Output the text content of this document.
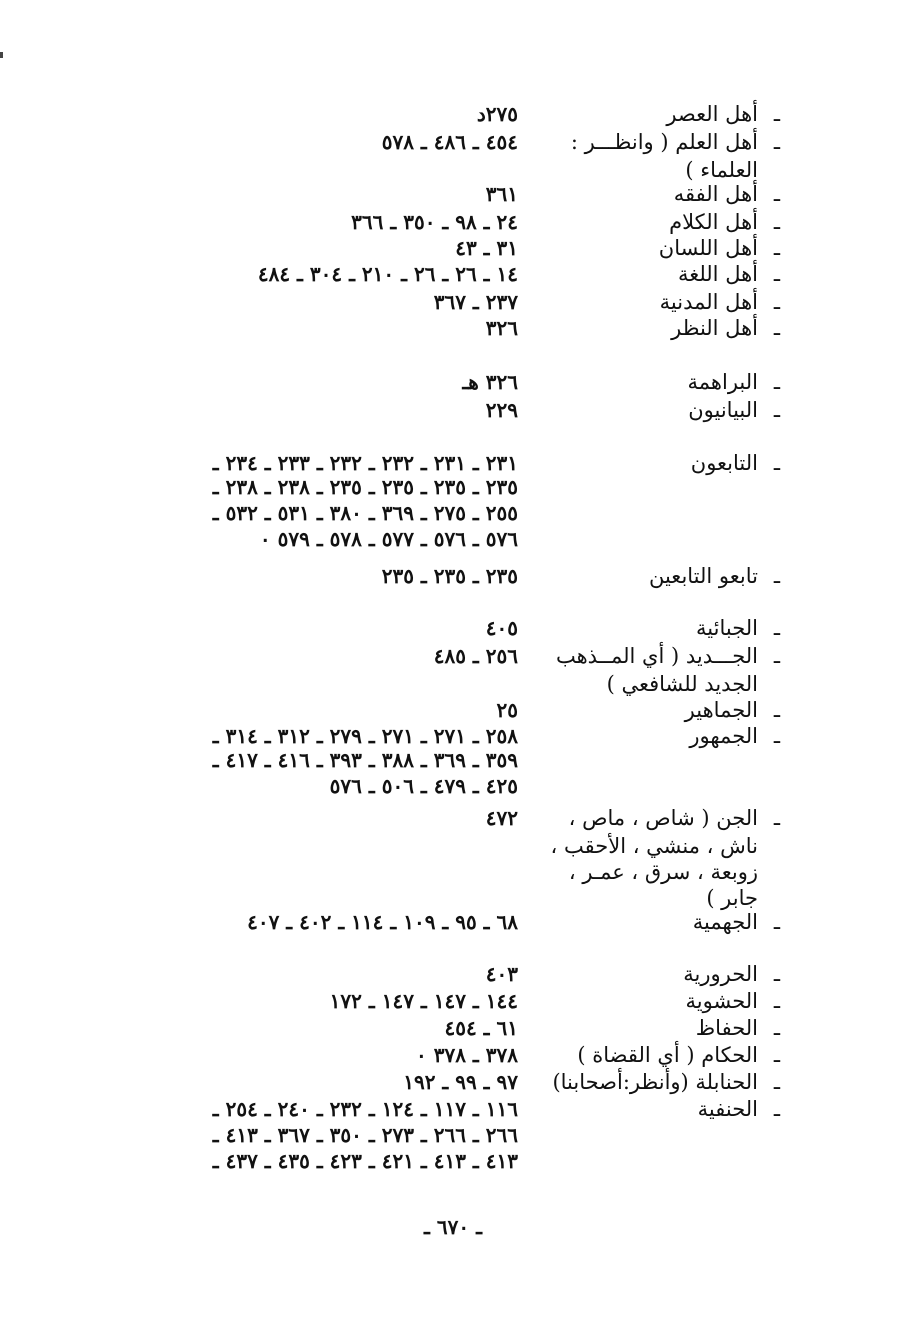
ـ
أهل العصر
٢٧٥د
ـ
أهل العلم ( وانظـــر :
٤٥٤ ـ ٤٨٦ ـ ٥٧٨
العلماء )
ـ
أهل الفقه
٣٦١
ـ
أهل الكلام
٢٤ ـ ٩٨ ـ ٣٥٠ ـ ٣٦٦
ـ
أهل اللسان
٣١ ـ ٤٣
ـ
أهل اللغة
١٤ ـ ٢٦ ـ ٢٦ ـ ٢١٠ ـ ٣٠٤ ـ ٤٨٤
ـ
أهل المدنية
٢٣٧ ـ ٣٦٧
ـ
أهل النظر
٣٢٦
ـ
البراهمة
٣٢٦ هـ
ـ
البيانيون
٢٢٩
ـ
التابعون
٢٣١ ـ ٢٣١ ـ ٢٣٢ ـ ٢٣٢ ـ ٢٣٣ ـ ٢٣٤ ـ
٢٣٥ ـ ٢٣٥ ـ ٢٣٥ ـ ٢٣٥ ـ ٢٣٨ ـ ٢٣٨ ـ
٢٥٥ ـ ٢٧٥ ـ ٣٦٩ ـ ٣٨٠ ـ ٥٣١ ـ ٥٣٢ ـ
٥٧٦ ـ ٥٧٦ ـ ٥٧٧ ـ ٥٧٨ ـ ٥٧٩ ٠
ـ
تابعو التابعين
٢٣٥ ـ ٢٣٥ ـ ٢٣٥
ـ
الجبائية
٤٠٥
ـ
الجـــديد ( أي المــذهب
٢٥٦ ـ ٤٨٥
الجديد للشافعي )
ـ
الجماهير
٢٥
ـ
الجمهور
٢٥٨ ـ ٢٧١ ـ ٢٧١ ـ ٢٧٩ ـ ٣١٢ ـ ٣١٤ ـ
٣٥٩ ـ ٣٦٩ ـ ٣٨٨ ـ ٣٩٣ ـ ٤١٦ ـ ٤١٧ ـ
٤٢٥ ـ ٤٧٩ ـ ٥٠٦ ـ ٥٧٦
ـ
الجن ( شاص ، ماص ،
٤٧٢
ناش ، منشي ، الأحقب ،
زوبعة ، سرق ، عمـر ،
جابر )
ـ
الجهمية
٦٨ ـ ٩٥ ـ ١٠٩ ـ ١١٤ ـ ٤٠٢ ـ ٤٠٧
ـ
الحرورية
٤٠٣
ـ
الحشوية
١٤٤ ـ ١٤٧ ـ ١٤٧ ـ ١٧٢
ـ
الحفاظ
٦١ ـ ٤٥٤
ـ
الحكام ( أي القضاة )
٣٧٨ ـ ٣٧٨ ٠
ـ
الحنابلة (وأنظر:أصحابنا)
٩٧ ـ ٩٩ ـ ١٩٢
ـ
الحنفية
١١٦ ـ ١١٧ ـ ١٢٤ ـ ٢٣٢ ـ ٢٤٠ ـ ٢٥٤ ـ
٢٦٦ ـ ٢٦٦ ـ ٢٧٣ ـ ٣٥٠ ـ ٣٦٧ ـ ٤١٣ ـ
٤١٣ ـ ٤١٣ ـ ٤٢١ ـ ٤٢٣ ـ ٤٣٥ ـ ٤٣٧ ـ
ـ ٦٧٠ ـ
